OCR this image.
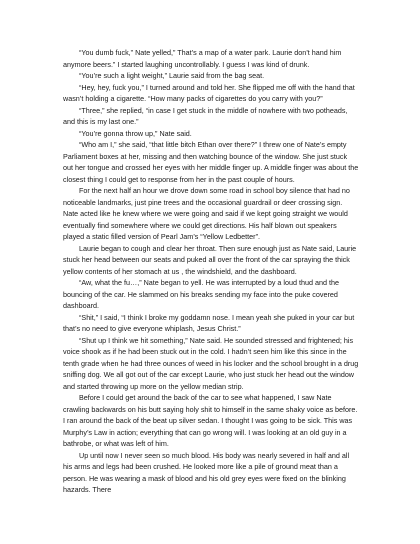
“You dumb fuck,” Nate yelled,” That’s a map of a water park. Laurie don’t hand him anymore beers.” I started laughing uncontrollably. I guess I was kind of drunk.

“You’re such a light weight,” Laurie said from the bag seat.

“Hey, hey, fuck you,” I turned around and told her. She flipped me off with the hand that wasn’t holding a cigarette. “How many packs of cigarettes do you carry with you?”

“Three,” she replied, “in case I get stuck in the middle of nowhere with two potheads, and this is my last one.”

“You’re gonna throw up,” Nate said.

“Who am I,” she said, “that little bitch Ethan over there?” I threw one of Nate’s empty Parliament boxes at her, missing and then watching bounce of the window. She just stuck out her tongue and crossed her eyes with her middle finger up. A middle finger was about the closest thing I could get to response from her in the past couple of hours.

For the next half an hour we drove down some road in school boy silence that had no noticeable landmarks, just pine trees and the occasional guardrail or deer crossing sign. Nate acted like he knew where we were going and said if we kept going straight we would eventually find somewhere where we could get directions. His half blown out speakers played a static filled version of Pearl Jam’s “Yellow Ledbetter”.

Laurie began to cough and clear her throat. Then sure enough just as Nate said, Laurie stuck her head between our seats and puked all over the front of the car spraying the thick yellow contents of her stomach at us , the windshield, and the dashboard.

“Aw, what the fu…,” Nate began to yell. He was interrupted by a loud thud and the bouncing of the car. He slammed on his breaks sending my face into the puke covered dashboard.

“Shit,” I said, “I think I broke my goddamn nose. I mean yeah she puked in your car but that’s no need to give everyone whiplash, Jesus Christ.”

“Shut up I think we hit something,” Nate said. He sounded stressed and frightened; his voice shook as if he had been stuck out in the cold. I hadn’t seen him like this since in the tenth grade when he had three ounces of weed in his locker and the school brought in a drug sniffing dog. We all got out of the car except Laurie, who just stuck her head out the window and started throwing up more on the yellow median strip.

Before I could get around the back of the car to see what happened, I saw Nate crawling backwards on his butt saying holy shit to himself in the same shaky voice as before. I ran around the back of the beat up silver sedan. I thought I was going to be sick. This was Murphy’s Law in action; everything that can go wrong will. I was looking at an old guy in a bathrobe, or what was left of him.

Up until now I never seen so much blood. His body was nearly severed in half and all his arms and legs had been crushed. He looked more like a pile of ground meat than a person. He was wearing a mask of blood and his old grey eyes were fixed on the blinking hazards. There
